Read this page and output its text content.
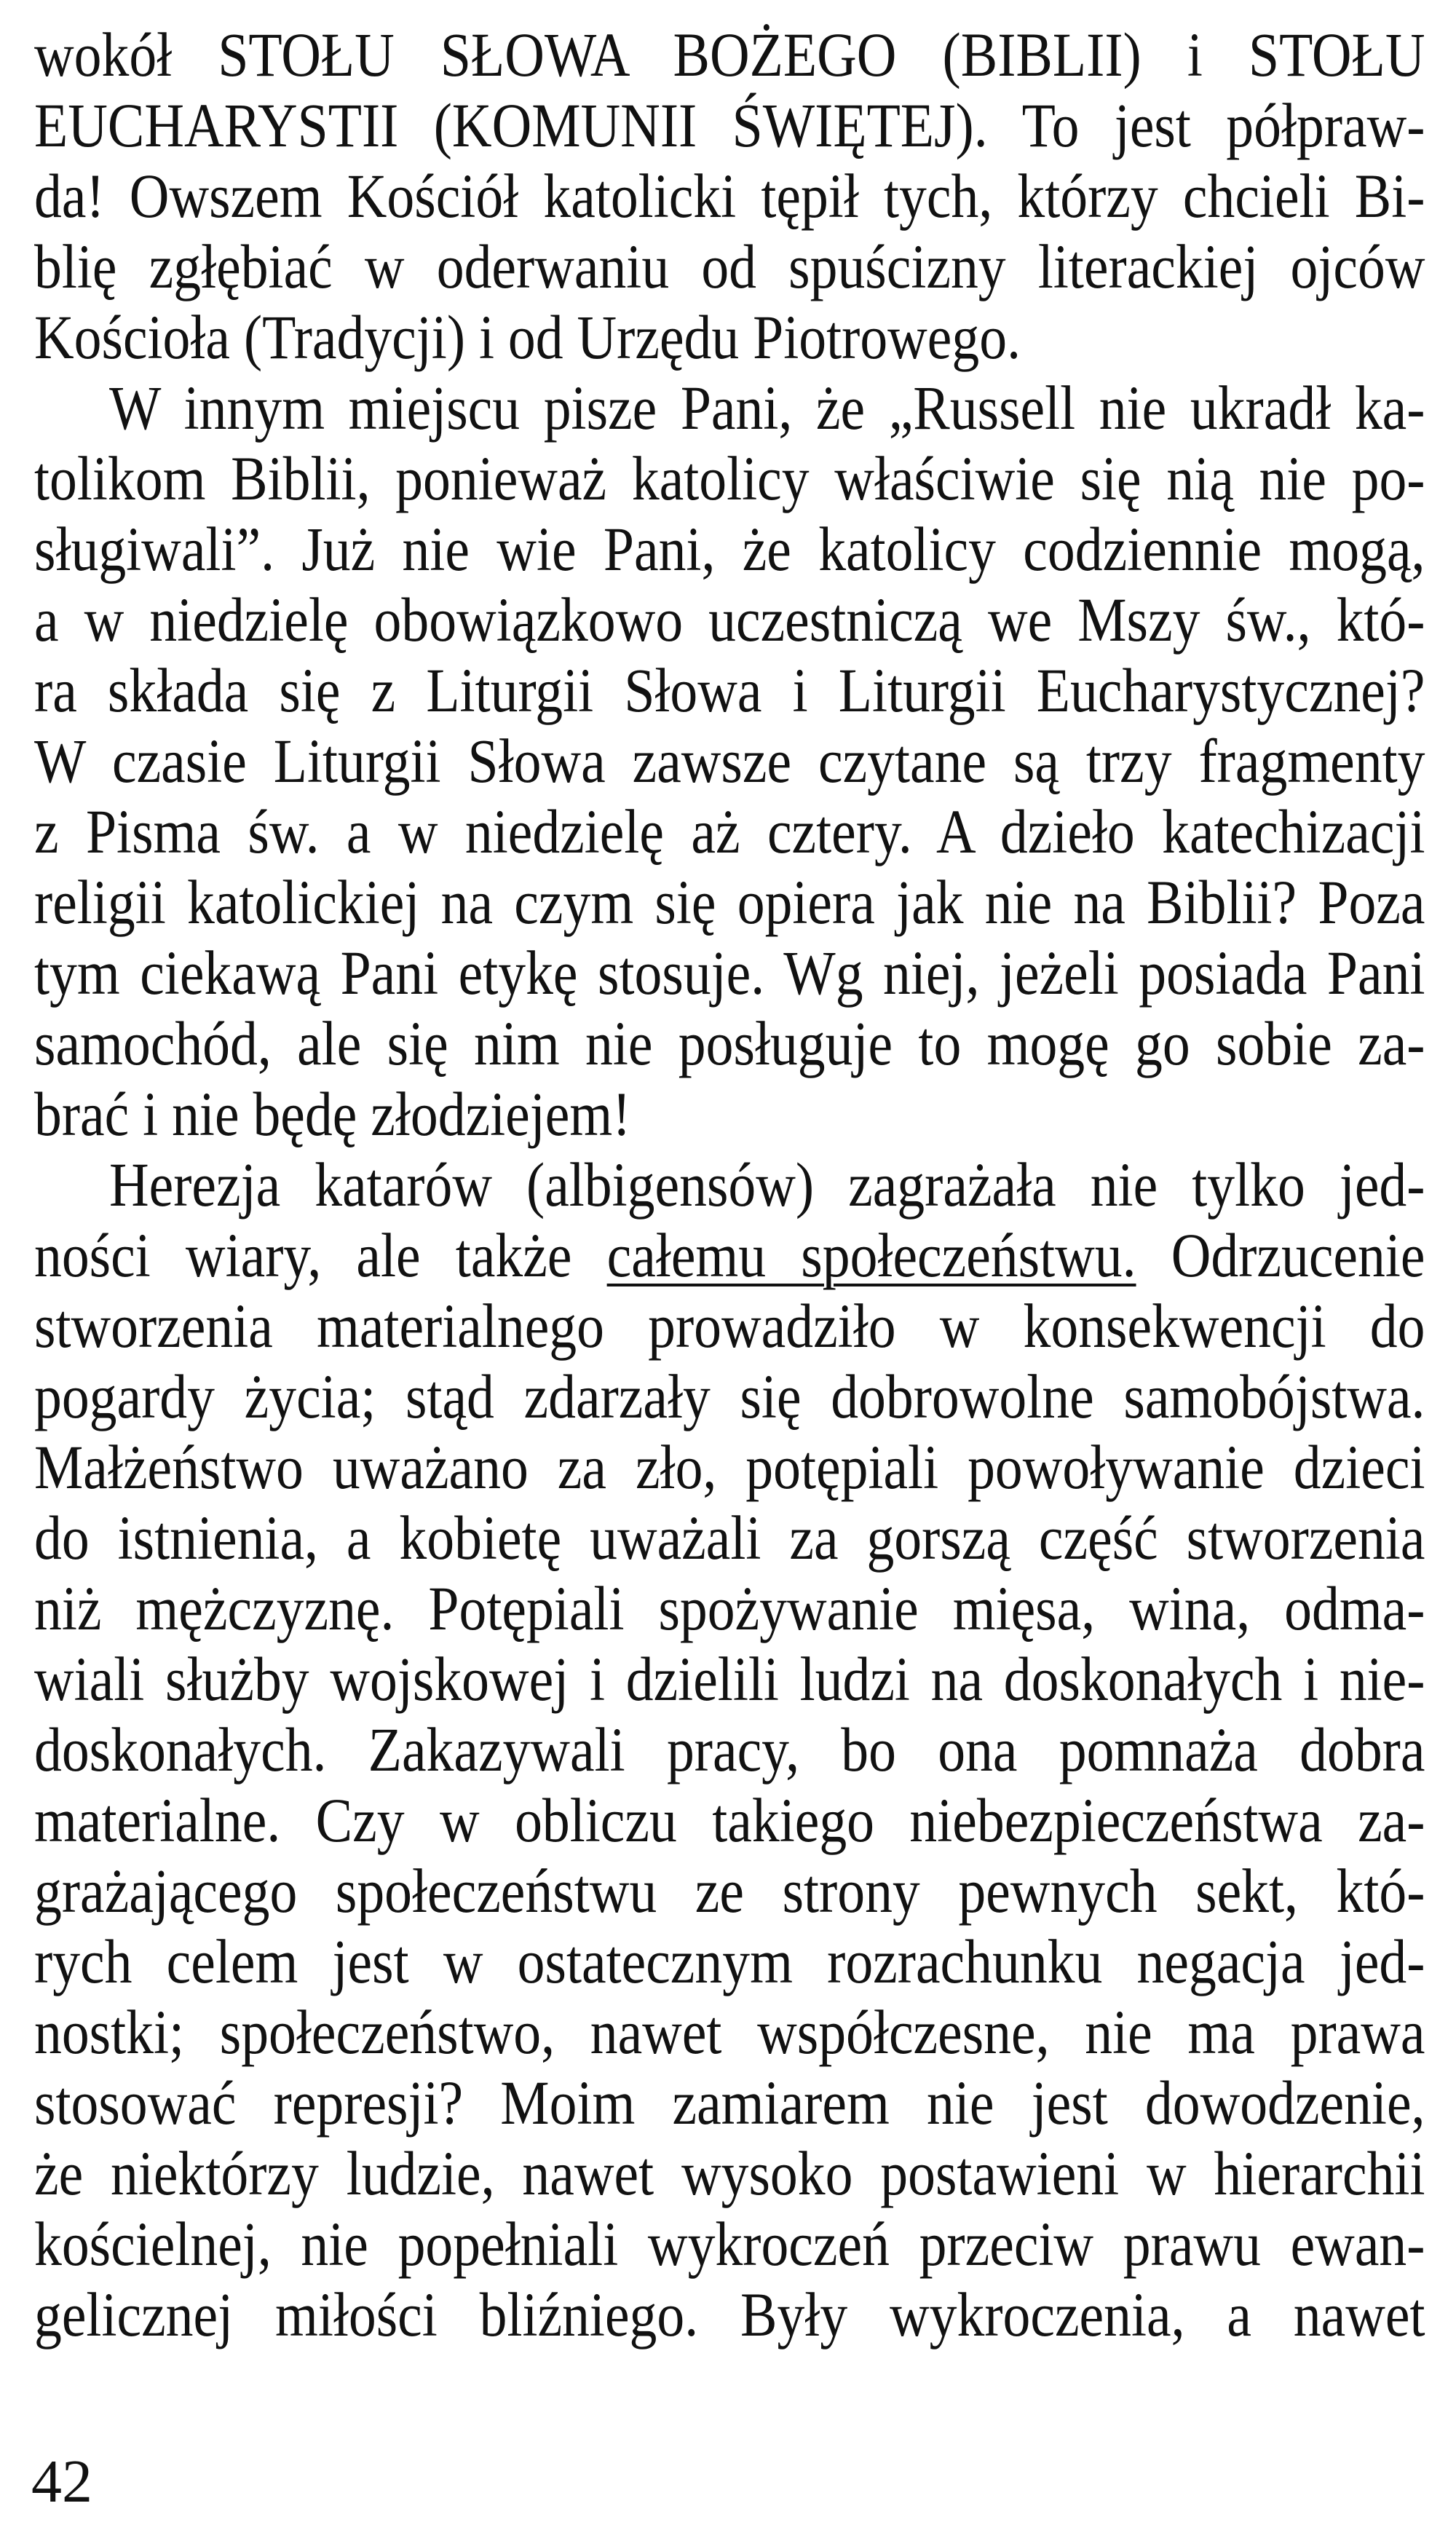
wokół STOŁU SŁOWA BOŻEGO (BIBLII) i STOŁU
EUCHARYSTII (KOMUNII ŚWIĘTEJ). To jest półpraw-
da! Owszem Kościół katolicki tępił tych, którzy chcieli Bi-
blię zgłębiać w oderwaniu od spuścizny literackiej ojców
Kościoła (Tradycji) i od Urzędu Piotrowego.
W innym miejscu pisze Pani, że „Russell nie ukradł ka-
tolikom Biblii, ponieważ katolicy właściwie się nią nie po-
sługiwali”. Już nie wie Pani, że katolicy codziennie mogą,
a w niedzielę obowiązkowo uczestniczą we Mszy św., któ-
ra składa się z Liturgii Słowa i Liturgii Eucharystycznej?
W czasie Liturgii Słowa zawsze czytane są trzy fragmenty
z Pisma św. a w niedzielę aż cztery. A dzieło katechizacji
religii katolickiej na czym się opiera jak nie na Biblii? Poza
tym ciekawą Pani etykę stosuje. Wg niej, jeżeli posiada Pani
samochód, ale się nim nie posługuje to mogę go sobie za-
brać i nie będę złodziejem!
Herezja katarów (albigensów) zagrażała nie tylko jed-
ności wiary, ale także całemu społeczeństwu. Odrzucenie
stworzenia materialnego prowadziło w konsekwencji do
pogardy życia; stąd zdarzały się dobrowolne samobójstwa.
Małżeństwo uważano za zło, potępiali powoływanie dzieci
do istnienia, a kobietę uważali za gorszą część stworzenia
niż mężczyznę. Potępiali spożywanie mięsa, wina, odma-
wiali służby wojskowej i dzielili ludzi na doskonałych i nie-
doskonałych. Zakazywali pracy, bo ona pomnaża dobra
materialne. Czy w obliczu takiego niebezpieczeństwa za-
grażającego społeczeństwu ze strony pewnych sekt, któ-
rych celem jest w ostatecznym rozrachunku negacja jed-
nostki; społeczeństwo, nawet współczesne, nie ma prawa
stosować represji? Moim zamiarem nie jest dowodzenie,
że niektórzy ludzie, nawet wysoko postawieni w hierarchii
kościelnej, nie popełniali wykroczeń przeciw prawu ewan-
gelicznej miłości bliźniego. Były wykroczenia, a nawet
42
